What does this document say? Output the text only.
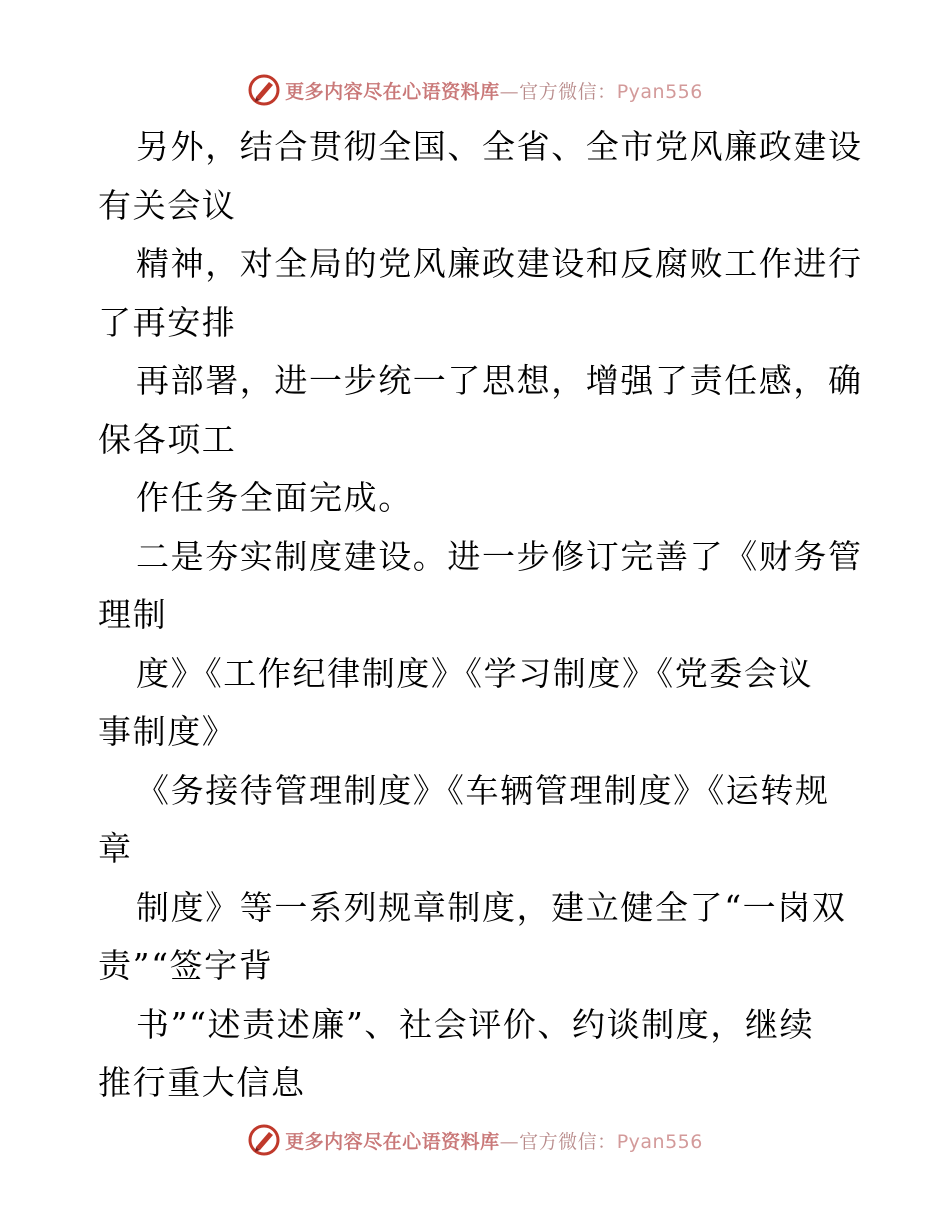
更多内容尽在心语资料库—官方微信：Pyan556

另外，结合贯彻全国、全省、全市党风廉政建设
有关会议

精神，对全局的党风廉政建设和反腐败工作进行
了再安排

再部署，进一步统一了思想，增强了责任感，确
保各项工

作任务全面完成。

二是夯实制度建设。进一步修订完善了《财务管
理制

度》《工作纪律制度》《学习制度》《党委会议
事制度》

《务接待管理制度》《车辆管理制度》《运转规
章

制度》等一系列规章制度，建立健全了“一岗双
责”“签字背

书”“述责述廉”、社会评价、约谈制度，继续
推行重大信息

更多内容尽在心语资料库—官方微信：Pyan556
